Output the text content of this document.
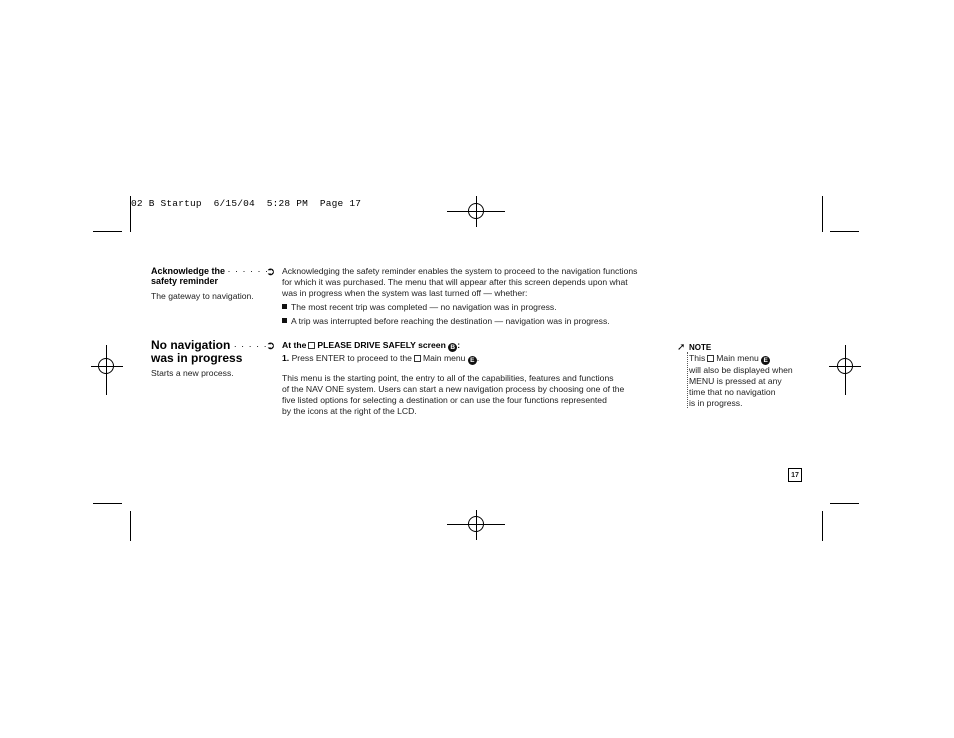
02 B Startup  6/15/04  5:28 PM  Page 17
Acknowledge the · · · · · ·
safety reminder
The gateway to navigation.
➲ Acknowledging the safety reminder enables the system to proceed to the navigation functions
for which it was purchased. The menu that will appear after this screen depends upon what
was in progress when the system was last turned off — whether:
The most recent trip was completed — no navigation was in progress.
A trip was interrupted before reaching the destination — navigation was in progress.
No navigation · · · · ·
was in progress
Starts a new process.
➲ At the PLEASE DRIVE SAFELY screen B :
1. Press ENTER to proceed to the Main menu E .
This menu is the starting point, the entry to all of the capabilities, features and functions
of the NAV ONE system. Users can start a new navigation process by choosing one of the
five listed options for selecting a destination or can use the four functions represented
by the icons at the right of the LCD.
➚ NOTE
This Main menu E
will also be displayed when
MENU is pressed at any
time that no navigation
is in progress.
17
